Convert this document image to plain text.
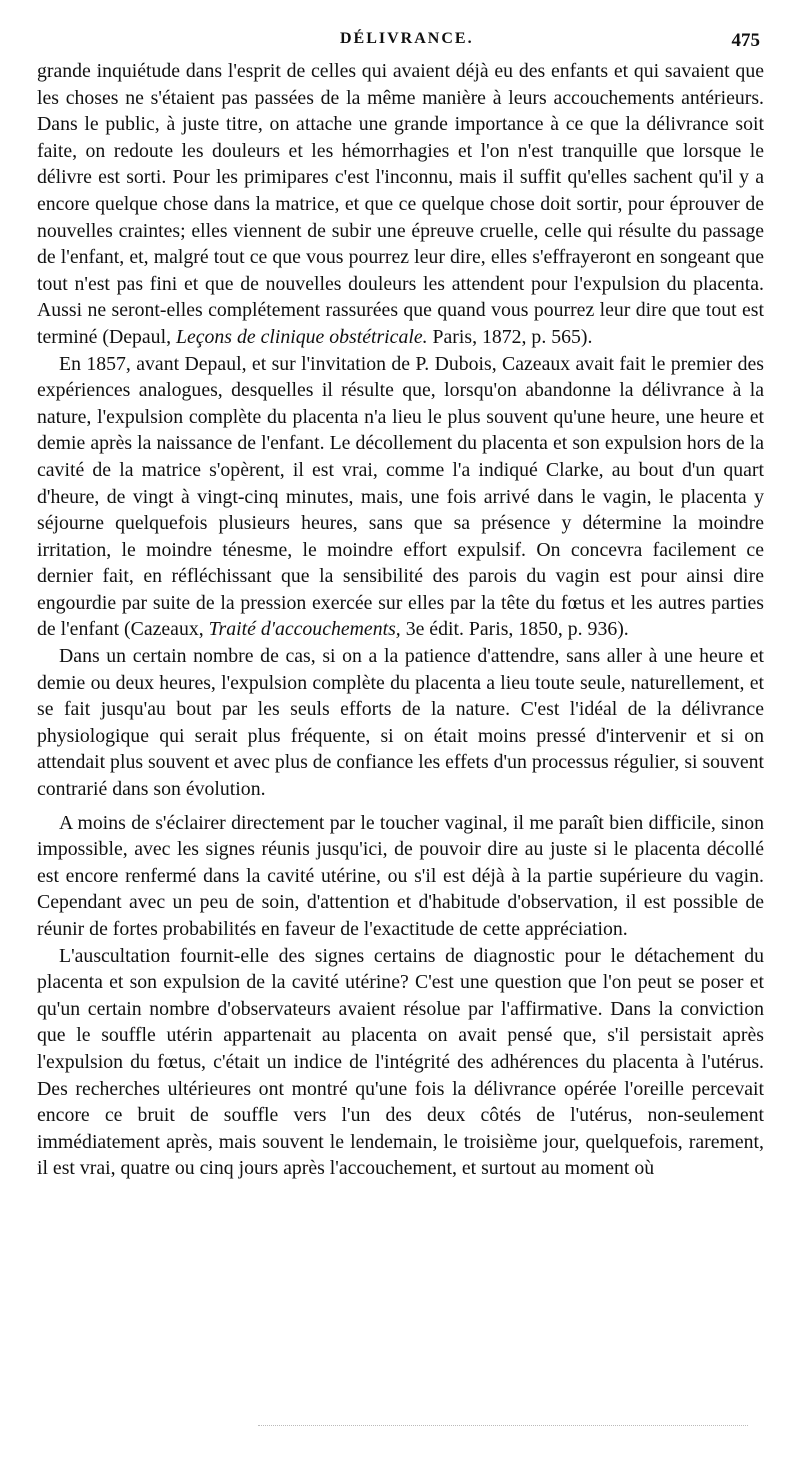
DÉLIVRANCE.	475

grande inquiétude dans l'esprit de celles qui avaient déjà eu des enfants et qui savaient que les choses ne s'étaient pas passées de la même manière à leurs accouchements antérieurs. Dans le public, à juste titre, on attache une grande importance à ce que la délivrance soit faite, on redoute les douleurs et les hémorrhagies et l'on n'est tranquille que lorsque le délivre est sorti. Pour les primipares c'est l'inconnu, mais il suffit qu'elles sachent qu'il y a encore quelque chose dans la matrice, et que ce quelque chose doit sortir, pour éprouver de nouvelles craintes; elles viennent de subir une épreuve cruelle, celle qui résulte du passage de l'enfant, et, malgré tout ce que vous pourrez leur dire, elles s'effrayeront en songeant que tout n'est pas fini et que de nouvelles douleurs les attendent pour l'expulsion du placenta. Aussi ne seront-elles complétement rassurées que quand vous pourrez leur dire que tout est terminé (Depaul, Leçons de clinique obstétricale. Paris, 1872, p. 565).

En 1857, avant Depaul, et sur l'invitation de P. Dubois, Cazeaux avait fait le premier des expériences analogues, desquelles il résulte que, lorsqu'on abandonne la délivrance à la nature, l'expulsion complète du placenta n'a lieu le plus souvent qu'une heure, une heure et demie après la naissance de l'enfant. Le décollement du placenta et son expulsion hors de la cavité de la matrice s'opèrent, il est vrai, comme l'a indiqué Clarke, au bout d'un quart d'heure, de vingt à vingt-cinq minutes, mais, une fois arrivé dans le vagin, le placenta y séjourne quelquefois plusieurs heures, sans que sa présence y détermine la moindre irritation, le moindre ténesme, le moindre effort expulsif. On concevra facilement ce dernier fait, en réfléchissant que la sensibilité des parois du vagin est pour ainsi dire engourdie par suite de la pression exercée sur elles par la tête du fœtus et les autres parties de l'enfant (Cazeaux, Traité d'accouchements, 3e édit. Paris, 1850, p. 936).

Dans un certain nombre de cas, si on a la patience d'attendre, sans aller à une heure et demie ou deux heures, l'expulsion complète du placenta a lieu toute seule, naturellement, et se fait jusqu'au bout par les seuls efforts de la nature. C'est l'idéal de la délivrance physiologique qui serait plus fréquente, si on était moins pressé d'intervenir et si on attendait plus souvent et avec plus de confiance les effets d'un processus régulier, si souvent contrarié dans son évolution.

A moins de s'éclairer directement par le toucher vaginal, il me paraît bien difficile, sinon impossible, avec les signes réunis jusqu'ici, de pouvoir dire au juste si le placenta décollé est encore renfermé dans la cavité utérine, ou s'il est déjà à la partie supérieure du vagin. Cependant avec un peu de soin, d'attention et d'habitude d'observation, il est possible de réunir de fortes probabilités en faveur de l'exactitude de cette appréciation.

L'auscultation fournit-elle des signes certains de diagnostic pour le détachement du placenta et son expulsion de la cavité utérine? C'est une question que l'on peut se poser et qu'un certain nombre d'observateurs avaient résolue par l'affirmative. Dans la conviction que le souffle utérin appartenait au placenta on avait pensé que, s'il persistait après l'expulsion du fœtus, c'était un indice de l'intégrité des adhérences du placenta à l'utérus. Des recherches ultérieures ont montré qu'une fois la délivrance opérée l'oreille percevait encore ce bruit de souffle vers l'un des deux côtés de l'utérus, non-seulement immédiatement après, mais souvent le lendemain, le troisième jour, quelquefois, rarement, il est vrai, quatre ou cinq jours après l'accouchement, et surtout au moment où
